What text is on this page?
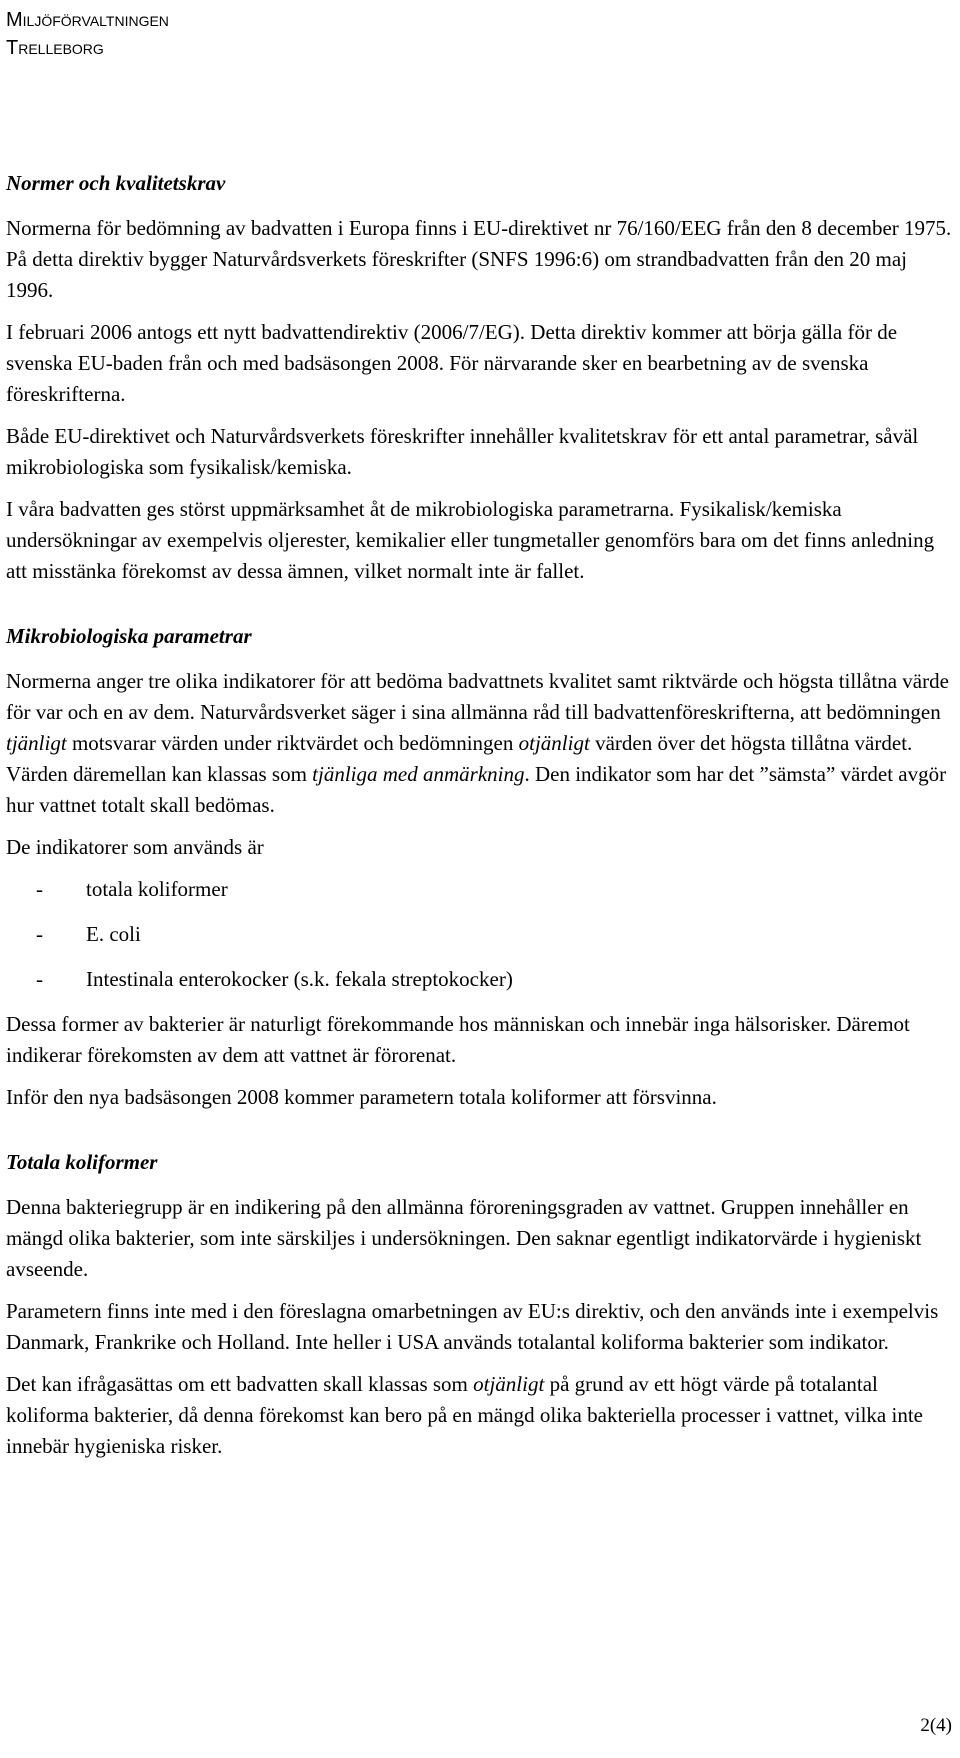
Miljöförvaltningen
Trelleborg
Normer och kvalitetskrav

Normerna för bedömning av badvatten i Europa finns i EU-direktivet nr 76/160/EEG från den 8 december 1975. På detta direktiv bygger Naturvårdsverkets föreskrifter (SNFS 1996:6) om strandbadvatten från den 20 maj 1996.

I februari 2006 antogs ett nytt badvattendirektiv (2006/7/EG). Detta direktiv kommer att börja gälla för de svenska EU-baden från och med badsäsongen 2008. För närvarande sker en bearbetning av de svenska föreskrifterna.

Både EU-direktivet och Naturvårdsverkets föreskrifter innehåller kvalitetskrav för ett antal parametrar, såväl mikrobiologiska som fysikalisk/kemiska.

I våra badvatten ges störst uppmärksamhet åt de mikrobiologiska parametrarna. Fysikalisk/kemiska undersökningar av exempelvis oljerester, kemikalier eller tungmetaller genomförs bara om det finns anledning att misstänka förekomst av dessa ämnen, vilket normalt inte är fallet.

Mikrobiologiska parametrar

Normerna anger tre olika indikatorer för att bedöma badvattnets kvalitet samt riktvärde och högsta tillåtna värde för var och en av dem. Naturvårdsverket säger i sina allmänna råd till badvattenföreskrifterna, att bedömningen tjänligt motsvarar värden under riktvärdet och bedömningen otjänligt värden över det högsta tillåtna värdet. Värden däremellan kan klassas som tjänliga med anmärkning. Den indikator som har det ”sämsta” värdet avgör hur vattnet totalt skall bedömas.

De indikatorer som används är

- totala koliformer
- E. coli
- Intestinala enterokocker (s.k. fekala streptokocker)

Dessa former av bakterier är naturligt förekommande hos människan och innebär inga hälsorisker. Däremot indikerar förekomsten av dem att vattnet är förorenat.

Inför den nya badsäsongen 2008 kommer parametern totala koliformer att försvinna.

Totala koliformer

Denna bakteriegrupp är en indikering på den allmänna föroreningsgraden av vattnet. Gruppen innehåller en mängd olika bakterier, som inte särskiljes i undersökningen. Den saknar egentligt indikatorvärde i hygieniskt avseende.

Parametern finns inte med i den föreslagna omarbetningen av EU:s direktiv, och den används inte i exempelvis Danmark, Frankrike och Holland. Inte heller i USA används totalantal koliforma bakterier som indikator.

Det kan ifrågasättas om ett badvatten skall klassas som otjänligt på grund av ett högt värde på totalantal koliforma bakterier, då denna förekomst kan bero på en mängd olika bakteriella processer i vattnet, vilka inte innebär hygieniska risker.

2(4)
